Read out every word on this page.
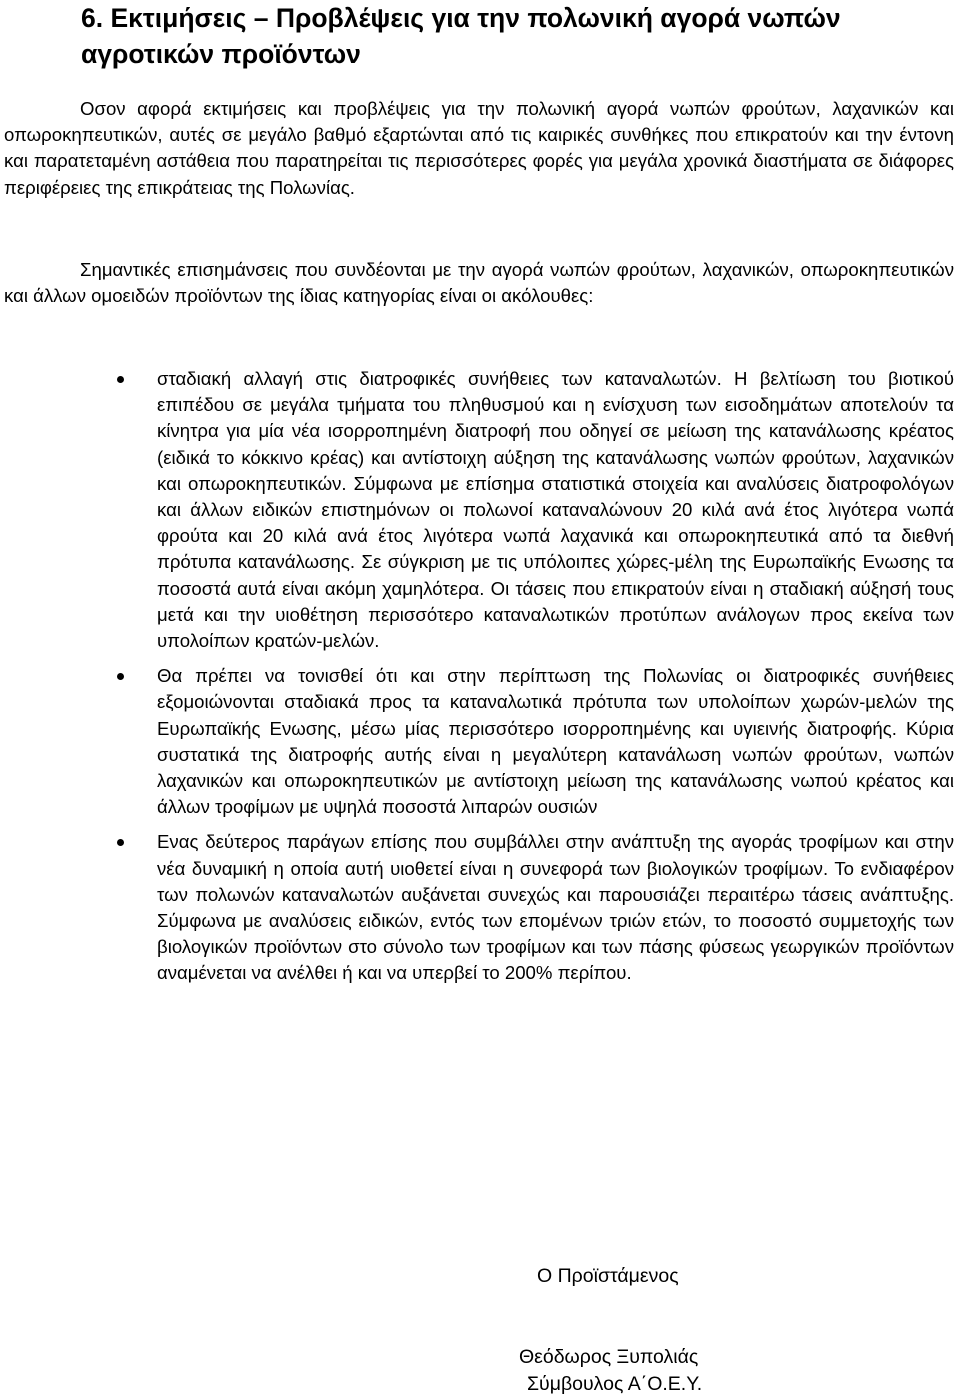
6. Εκτιμήσεις – Προβλέψεις για την πολωνική αγορά νωπών αγροτικών προϊόντων

Οσον αφορά εκτιμήσεις και προβλέψεις για την πολωνική αγορά νωπών φρούτων, λαχανικών και οπωροκηπευτικών, αυτές σε μεγάλο βαθμό εξαρτώνται από τις καιρικές συνθήκες που επικρατούν και την έντονη και παρατεταμένη αστάθεια που παρατηρείται τις περισσότερες φορές για μεγάλα χρονικά διαστήματα σε διάφορες περιφέρειες της επικράτειας της Πολωνίας.

Σημαντικές επισημάνσεις που συνδέονται με την αγορά νωπών φρούτων, λαχανικών, οπωροκηπευτικών και άλλων ομοειδών προϊόντων της ίδιας κατηγορίας είναι οι ακόλουθες:

σταδιακή αλλαγή στις διατροφικές συνήθειες των καταναλωτών. Η βελτίωση του βιοτικού επιπέδου σε μεγάλα τμήματα του πληθυσμού και η ενίσχυση των εισοδημάτων αποτελούν τα κίνητρα για μία νέα ισορροπημένη διατροφή που οδηγεί σε μείωση της κατανάλωσης κρέατος (ειδικά το κόκκινο κρέας) και αντίστοιχη αύξηση της κατανάλωσης νωπών φρούτων, λαχανικών και οπωροκηπευτικών. Σύμφωνα με επίσημα στατιστικά στοιχεία και αναλύσεις διατροφολόγων και άλλων ειδικών επιστημόνων οι πολωνοί καταναλώνουν 20 κιλά ανά έτος λιγότερα νωπά φρούτα και 20 κιλά ανά έτος λιγότερα νωπά λαχανικά και οπωροκηπευτικά από τα διεθνή πρότυπα κατανάλωσης. Σε σύγκριση με τις υπόλοιπες χώρες-μέλη της Ευρωπαϊκής Ενωσης τα ποσοστά αυτά είναι ακόμη χαμηλότερα. Οι τάσεις που επικρατούν είναι η σταδιακή αύξησή τους μετά και την υιοθέτηση περισσότερο καταναλωτικών προτύπων ανάλογων προς εκείνα των υπολοίπων κρατών-μελών.
Θα πρέπει να τονισθεί ότι και στην περίπτωση της Πολωνίας οι διατροφικές συνήθειες εξομοιώνονται σταδιακά προς τα καταναλωτικά πρότυπα των υπολοίπων χωρών-μελών της Ευρωπαϊκής Ενωσης, μέσω μίας περισσότερο ισορροπημένης και υγιεινής διατροφής. Κύρια συστατικά της διατροφής αυτής είναι η μεγαλύτερη κατανάλωση νωπών φρούτων, νωπών λαχανικών και οπωροκηπευτικών με αντίστοιχη μείωση της κατανάλωσης νωπού κρέατος και άλλων τροφίμων με υψηλά ποσοστά λιπαρών ουσιών
Ενας δεύτερος παράγων επίσης που συμβάλλει στην ανάπτυξη της αγοράς τροφίμων και στην νέα δυναμική η οποία αυτή υιοθετεί είναι η συνεφορά των βιολογικών τροφίμων. Το ενδιαφέρον των πολωνών καταναλωτών αυξάνεται συνεχώς και παρουσιάζει περαιτέρω τάσεις ανάπτυξης. Σύμφωνα με αναλύσεις ειδικών, εντός των επομένων τριών ετών, το ποσοστό συμμετοχής των βιολογικών προϊόντων στο σύνολο των τροφίμων και των πάσης φύσεως γεωργικών προϊόντων αναμένεται να ανέλθει ή και να υπερβεί το 200% περίπου.

Ο Προϊστάμενος

Θεόδωρος Ξυπολιάς

Σύμβουλος Α΄Ο.Ε.Υ.
